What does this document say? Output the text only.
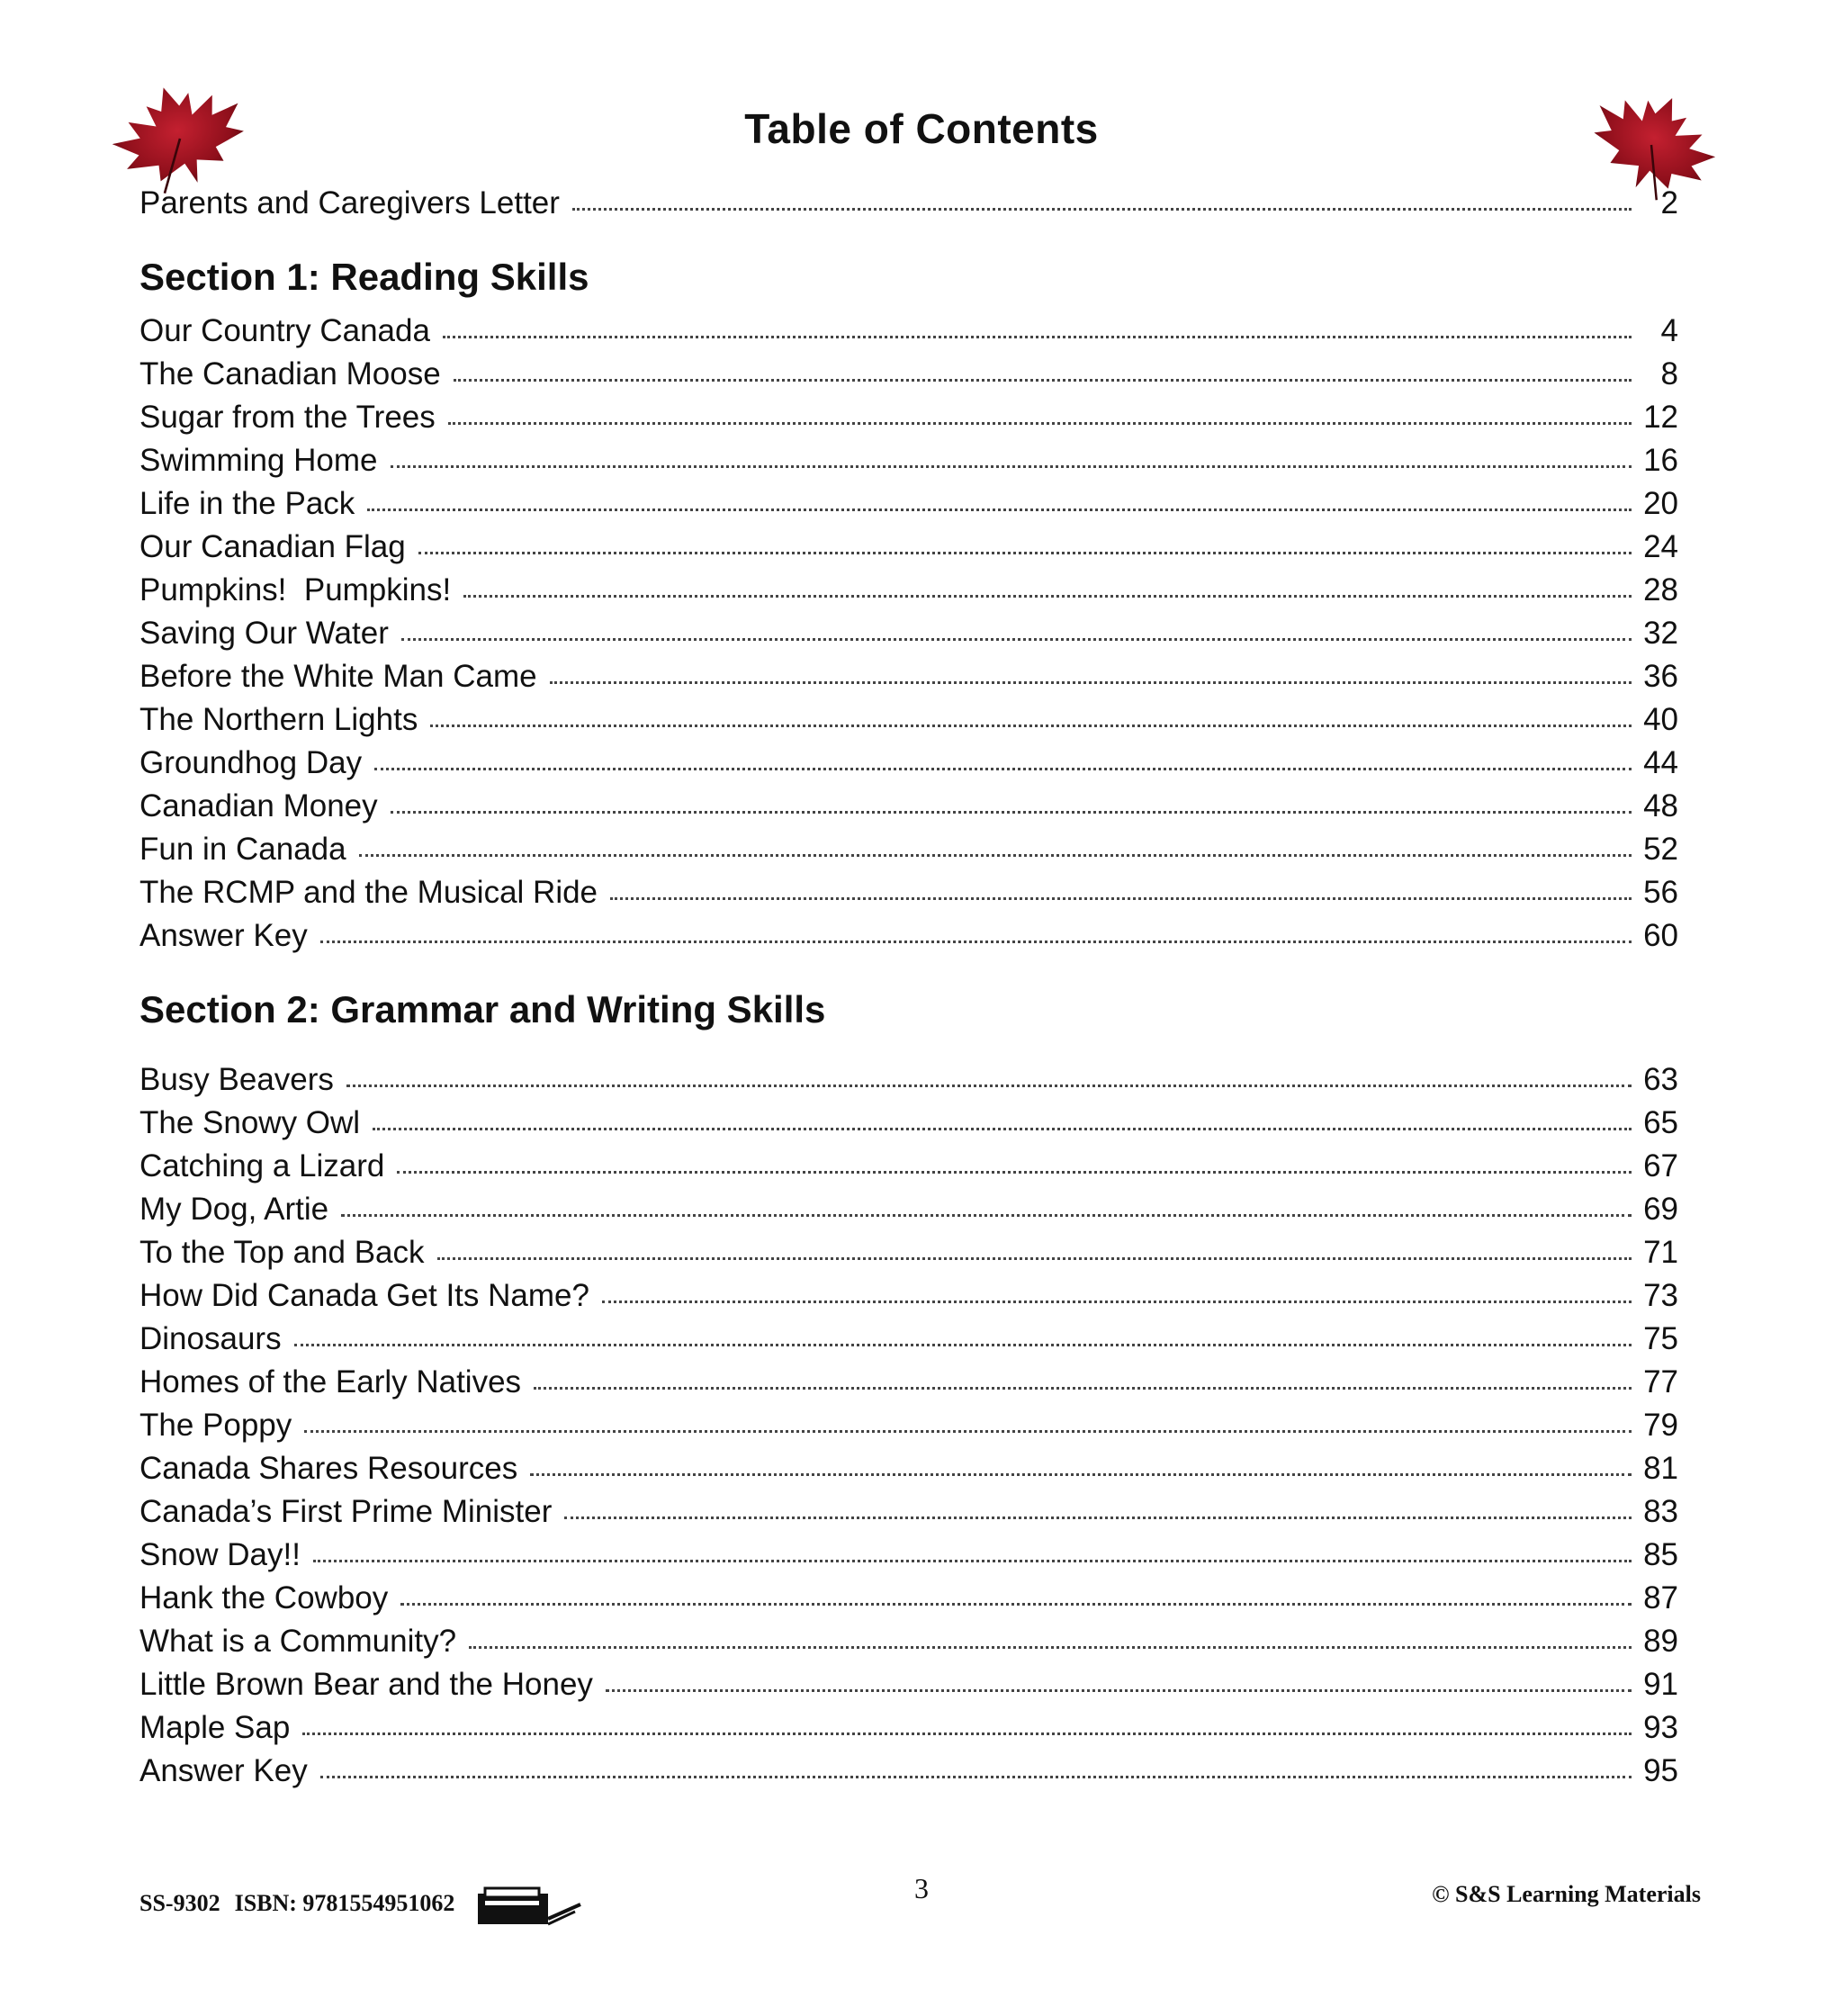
Table of Contents
Parents and Caregivers Letter	2
Section 1: Reading Skills
Our Country Canada	4
The Canadian Moose	8
Sugar from the Trees	12
Swimming Home	16
Life in the Pack	20
Our Canadian Flag	24
Pumpkins!  Pumpkins!	28
Saving Our Water	32
Before the White Man Came	36
The Northern Lights	40
Groundhog Day	44
Canadian Money	48
Fun in Canada	52
The RCMP and the Musical Ride	56
Answer Key	60
Section 2: Grammar and Writing Skills
Busy Beavers	63
The Snowy Owl	65
Catching a Lizard	67
My Dog, Artie	69
To the Top and Back	71
How Did Canada Get Its Name?	73
Dinosaurs	75
Homes of the Early Natives	77
The Poppy	79
Canada Shares Resources	81
Canada’s First Prime Minister	83
Snow Day!!	85
Hank the Cowboy	87
What is a Community?	89
Little Brown Bear and the Honey	91
Maple Sap	93
Answer Key	95
SS-9302 ISBN: 9781554951062	3	© S&S Learning Materials
